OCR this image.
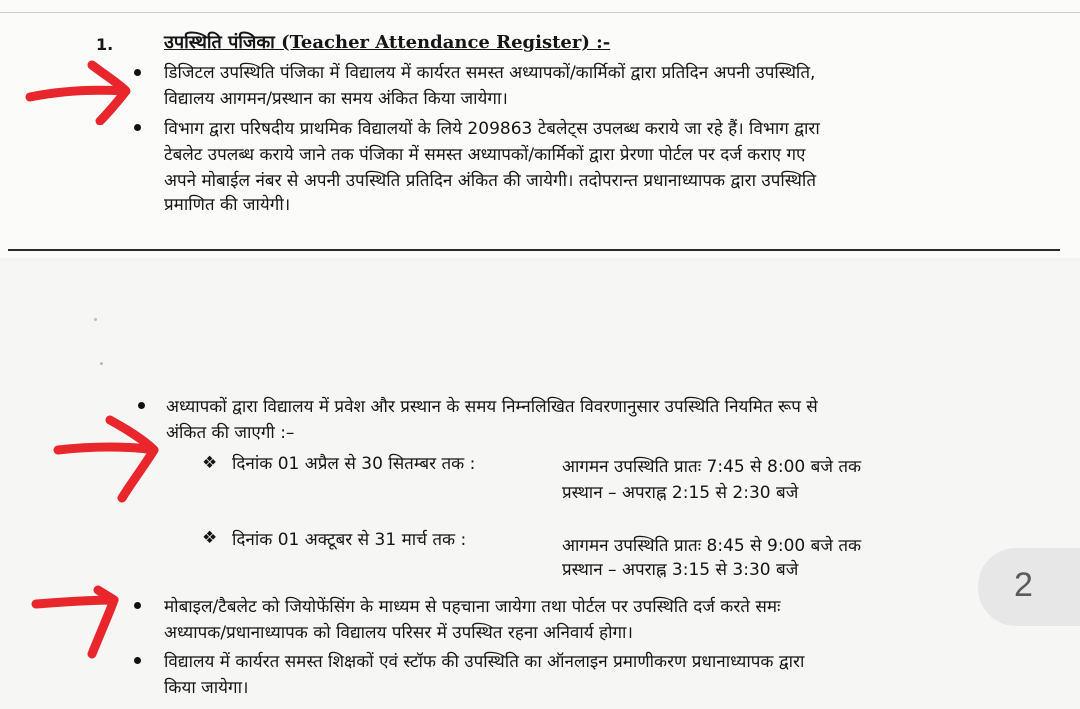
1.	उपस्थिति पंजिका (Teacher Attendance Register) :-
डिजिटल उपस्थिति पंजिका में विद्यालय में कार्यरत समस्त अध्यापकों/कार्मिकों द्वारा प्रतिदिन अपनी उपस्थिति,
विद्यालय आगमन/प्रस्थान का समय अंकित किया जायेगा।
विभाग द्वारा परिषदीय प्राथमिक विद्यालयों के लिये 209863 टेबलेट्स उपलब्ध कराये जा रहे हैं। विभाग द्वारा
टेबलेट उपलब्ध कराये जाने तक पंजिका में समस्त अध्यापकों/कार्मिकों द्वारा प्रेरणा पोर्टल पर दर्ज कराए गए
अपने मोबाईल नंबर से अपनी उपस्थिति प्रतिदिन अंकित की जायेगी। तदोपरान्त प्रधानाध्यापक द्वारा उपस्थिति
प्रमाणित की जायेगी।
अध्यापकों द्वारा विद्यालय में प्रवेश और प्रस्थान के समय निम्नलिखित विवरणानुसार उपस्थिति नियमित रूप से
अंकित की जाएगी :–
❖ दिनांक 01 अप्रैल से 30 सितम्बर तक :	आगमन उपस्थिति प्रातः 7:45 से 8:00 बजे तक
प्रस्थान – अपराह्न 2:15 से 2:30 बजे
❖ दिनांक 01 अक्टूबर से 31 मार्च तक :	आगमन उपस्थिति प्रातः 8:45 से 9:00 बजे तक
प्रस्थान – अपराह्न 3:15 से 3:30 बजे
मोबाइल/टैबलेट को जियोफेंसिंग के माध्यम से पहचाना जायेगा तथा पोर्टल पर उपस्थिति दर्ज करते समः
अध्यापक/प्रधानाध्यापक को विद्यालय परिसर में उपस्थित रहना अनिवार्य होगा।
विद्यालय में कार्यरत समस्त शिक्षकों एवं स्टॉफ की उपस्थिति का ऑनलाइन प्रमाणीकरण प्रधानाध्यापक द्वारा
किया जायेगा।
2
